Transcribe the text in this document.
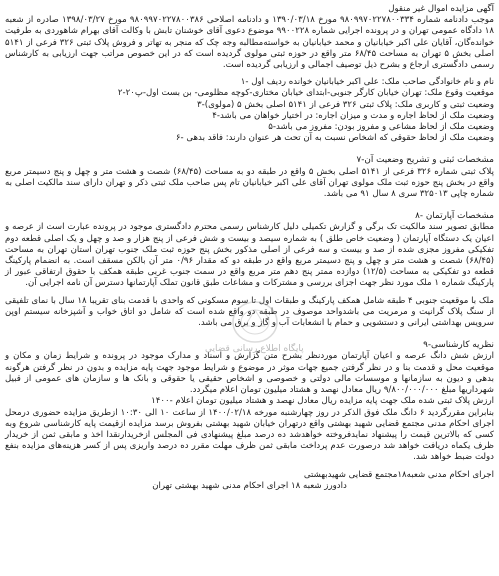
آگهی مزایده اموال غیر منقول

موجب دادنامه شماره ۹۸۰۹۹۷۰۲۲۷۸۰۰۳۳۴ مورخ ۱۳۹۰/۰۳/۱۸ و دادنامه اصلاحی ۹۸۰۹۹۷۰۲۲۷۸۰۰۳۸۶ مورخ ۱۳۹۸/۰۳/۲۷ صادره از شعبه ۱۸ دادگاه عمومی تهران و در پرونده اجرایی شماره ۹۹۰۰۲۲۸ موضوع دعوی آقای خوشنان تابش با وکالت آقای بهرام شاهوردی به طرفیت خوانده‌گان، آقایان علی اکبر خیابانیان و محمد خیابانیان به خواسته‌مطالبه وجه چک که منجر به تهاتر و فروش پلاک ثبتی ۳۲۶ فرعی از ۵۱۴۱ اصلی بخش ۵ تهران به مساحت ۶۸/۴۵ متر واقع در حوزه ثبتی مولوی گردیده است که در این خصوص مراتب جهت ارزیابی به کارشناس رسمی دادگستری ارجاع و بشرح ذیل توصیف اجمالی و ارزیابی گردیده است.

نام و نام خانوادگی صاحب ملک: علی اکبر خیابانیان خوانده ردیف اول -۱

موقعیت وقوع ملک: تهران خیابان کارگر جنوبی-ابتدای خیابان مختاری-کوچه مظلومی- بن بست اول-پ۲۰-۲

وضعیت ثبتی و کاربری ملک: پلاک ثبتی ۳۲۶ فرعی از ۵۱۴۱ اصلی بخش ۵ (مولوی)-۳

وضعیت ملک از لحاظ اجاره و مدت و میزان اجاره: در اختیار خواهان می باشد-۴

وضعیت ملک از لحاظ مشاعی و مفروز بودن: مفروز می باشد-۵

وضعیت ملک از لحاظ حقوقی که اشخاص نسبت به آن تحت هر عنوان دارند: فاقد بدهی -۶

مشخصات ثبتی و تشریح وضعیت آن-۷

پلاک ثبتی شماره ۳۲۶ فرعی از ۵۱۴۱ اصلی بخش ۵ واقع در طبقه دو به مساحت (۶۸/۴۵) شصت و هشت متر و چهل و پنج دسیمتر مربع واقع در بخش پنج حوزه ثبت ملک مولوی تهران آقای علی اکبر خیابانیان تام پس صاحب ملک ثبتی ذکر و تهران دارای سند مالکیت اصلی به شماره چاپی ۳۲۵۰۱۳ سری ۸ سال ۹۱ می باشد.

مشخصات آپارتمان -۸

مطابق تصویر سند مالکیت تک برگی و گزارش تکمیلی دلیل کارشناس رسمی محترم دادگستری موجود در پرونده عبارت است از عرصه و اعیان یک دستگاه آپارتمان ( وضعیت خاص طلق ) به شماره سیصد و بیست و شش فرعی از پنج هزار و صد و چهل و یک اصلی قطعه دوم تفکیکی مفروز مجزی شده از صد و بیست و سه فرعی از اصلی مذکور بخش پنج حوزه ثبت ملک جنوب تهران استان تهران به مساحت (۶۸/۴۵) شصت و هشت متر و چهل و پنج دسیمتر مربع واقع در طبقه دو که مقدار ۰/۹۶ متر آن بالکن مسقف است. به انضمام پارکینگ قطعه دو تفکیکی به مساحت (۱۲/۵) دوازده ممتر پنج دهم متر مربع واقع در سمت جنوب غربی طبقه همکف با حقوق ارتفاقی عبور از پارکینگ شماره ۱ ملک مورد نظر جهت اجزای بررسی و مشترکات و مشاعات طبق قانون تملک آپارتمانها دسترس آن نامه اجرایی آن.

ملک با موقعیت جنوبی ۴ طبقه شامل همکف پارکینگ و طبقات اول تا سوم مسکونی که واحدی با قدمت بنای تقریبا ۱۸ سال با نمای تلفیقی از سنگ پلاک گرانیت و مرمریت می باشدواحد موصوف در طبقه دو واقع شده است که شامل دو اتاق خواب و آشپزخانه سیستم اوپن سرویس بهداشتی ایرانی و دستشویی و حمام با انشعابات آب و گاز و برق می باشد.

نظریه کارشناسی-۹

ارزش شش دانگ عرصه و اعیان آپارتمان موردنظر بشرح متن گزارش و اسناد و مدارک موجود در پرونده و شرایط زمان و مکان و موقعیت محل و قدمت بنا و در نظر گرفتن جمیع جهات موثر در موضوع و شرایط موجود جهت پایه مزایده و بدون در نظر گرفتن هرگونه بدهی و دیون به سازمانها و موسسات مالی دولتی و خصوصی و اشخاص حقیقی یا حقوقی و بانک ها و سازمان های عمومی از قبیل شهرداریها مبلغ ۹/۸۰۰/۰۰۰/۰۰۰ ریال معادل نهصد و هشتاد میلیون تومان اعلام میگردد.

ارزش پلاک ثبتی شده ملک جهت پایه مزایده ریال معادل نهصد و هشتاد میلیون تومان اعلام -۱۴۰۰

بنابراین مقررگردید ۶ دانگ ملک فوق الذکر در روز چهارشنبه مورخه ۱۴۰۰/۰۲/۱۸ از ساعت ۱۰ الی ۱۰:۳۰ ازطریق مزایده حضوری درمحل اجرای احکام مدنی مجتمع قضایی شهید بهشتی واقع درتهران خیابان شهید بهشتی بفروش برسد مزایده ازقیمت پایه کارشناسی شروع وبه کسی که بالاترین قیمت را پیشنهاد نمایدفروخته خواهدشد ده درصد مبلغ پیشنهادی فی المجلس ازخریدارنقدا اخذ و مابقی ثمن از خریدار ظرف یکماه دریافت خواهد شد درصورت عدم پرداخت مابقی ثمن ظرف مهلت مقرر ده درصد واریزی پس از کسر هزینه‌های مزایده بنفع دولت ضبط خواهد شد.

اجرای احکام مدنی شعبه۱۸مجتمع قضایی شهیدبهشتی

دادورز شعبه ۱۸ اجرای احکام مدنی شهید بهشتی تهران

پایگاه اطلاع رسانی قضایی
